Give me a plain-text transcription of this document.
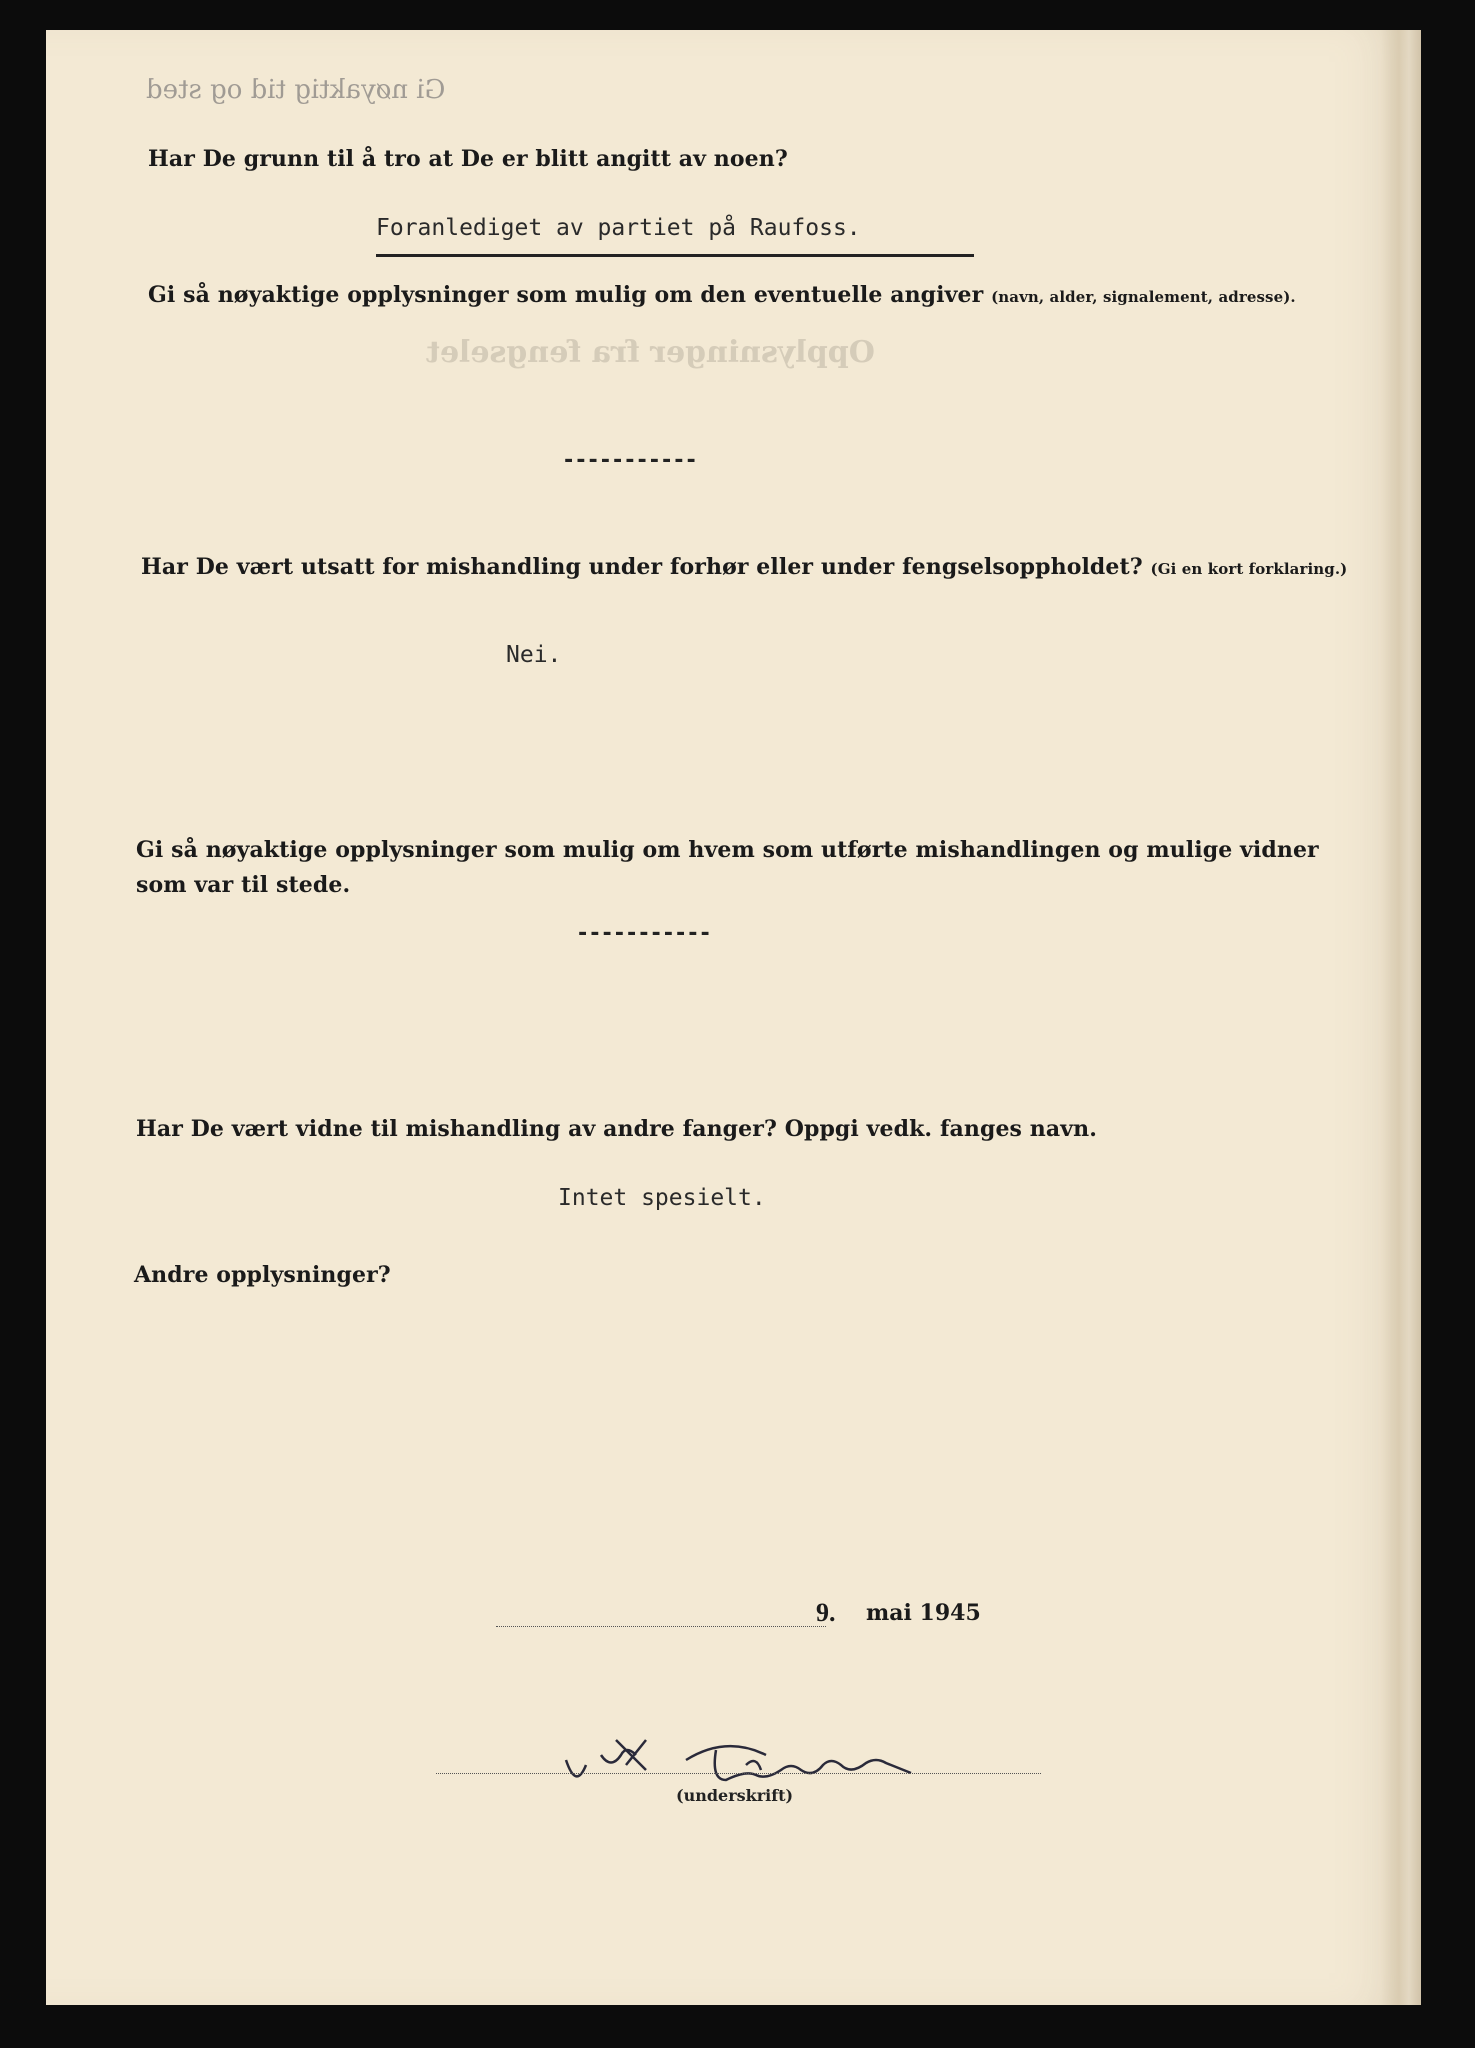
Gi nøyaktig tid og sted
Opplysninger fra fengselet
Har De grunn til å tro at De er blitt angitt av noen?
Foranlediget av partiet på Raufoss.
Gi så nøyaktige opplysninger som mulig om den eventuelle angiver (navn, alder, signalement, adresse).
-----------
Har De vært utsatt for mishandling under forhør eller under fengselsoppholdet? (Gi en kort forklaring.)
Nei.
Gi så nøyaktige opplysninger som mulig om hvem som utførte mishandlingen og mulige vidner
som var til stede.
-----------
Har De vært vidne til mishandling av andre fanger? Oppgi vedk. fanges navn.
Intet spesielt.
Andre opplysninger?
9. mai 1945
(underskrift)
